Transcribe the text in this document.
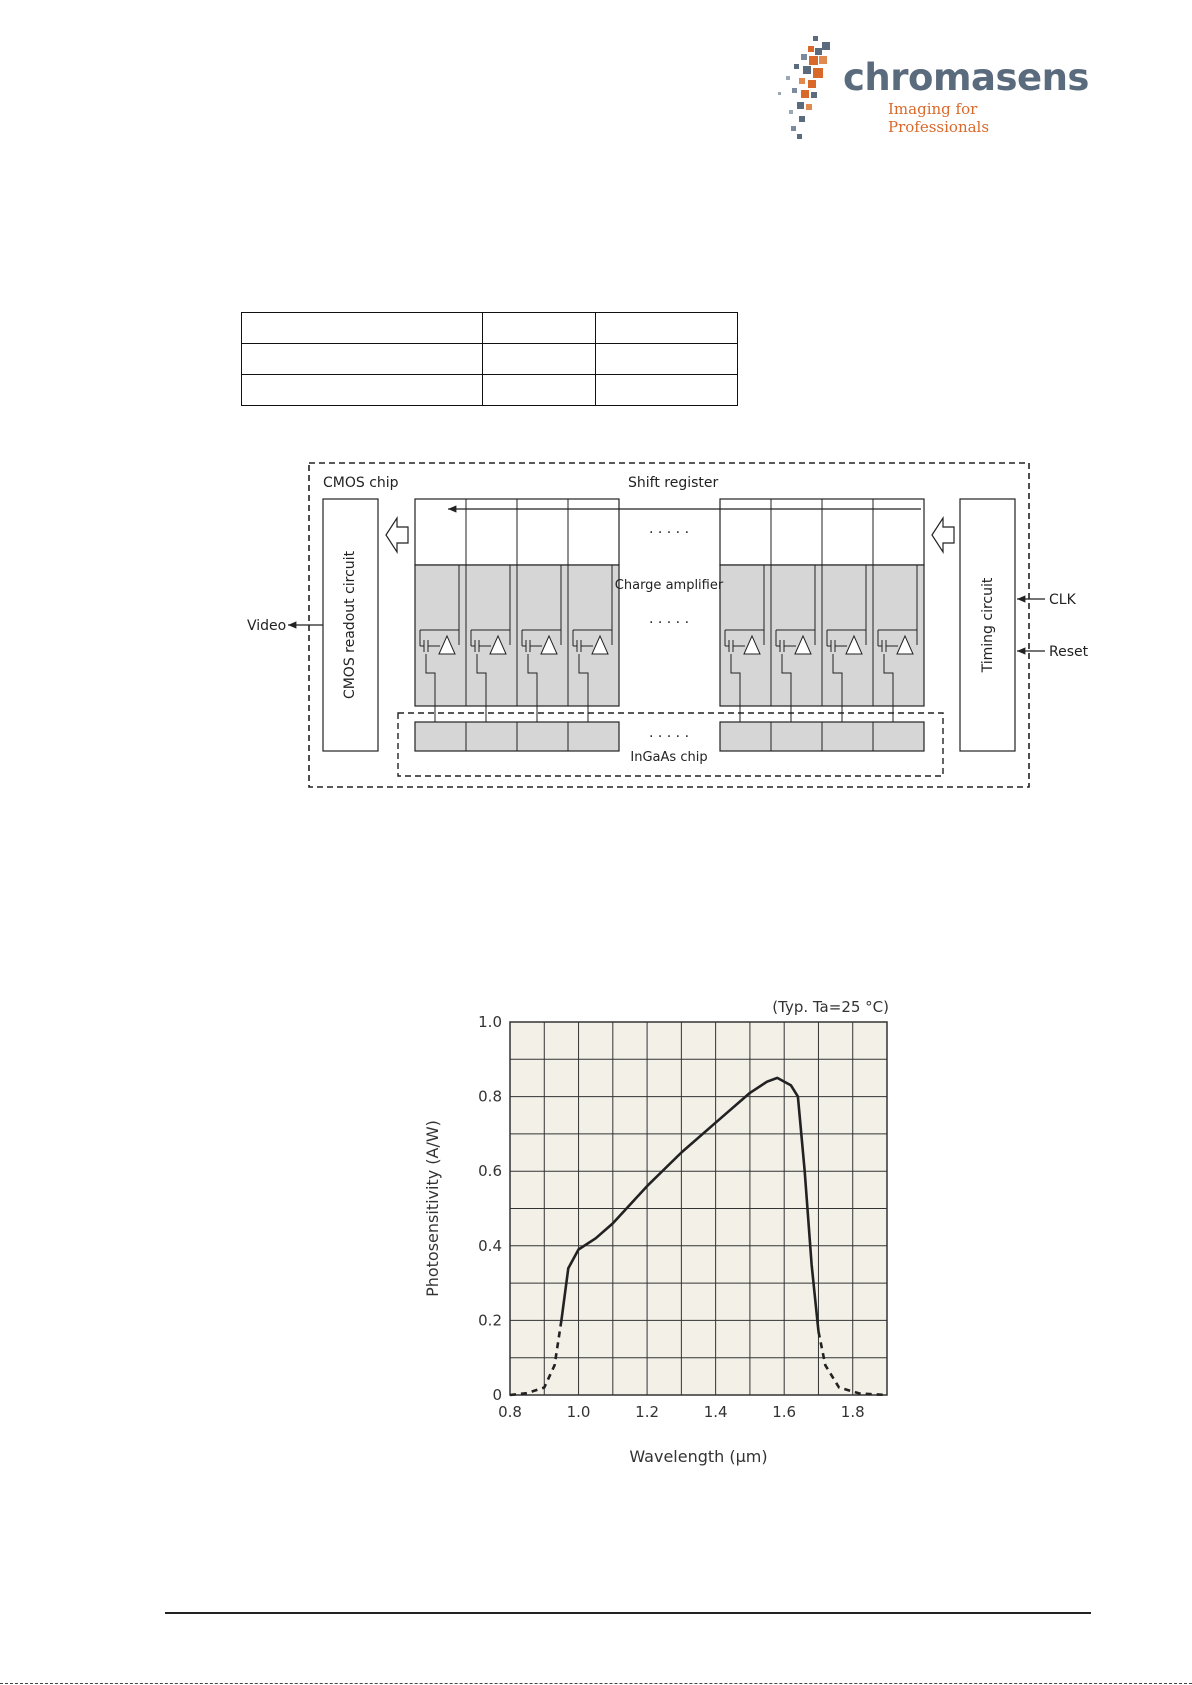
chromasens
Imaging for Professionals

CMOS chip	Shift register
CMOS readout circuit	Timing circuit
· · · · ·
Charge amplifier
· · · · ·
· · · · ·
InGaAs chip
Video
CLK
Reset
0.8	1.0	1.2	1.4	1.6	1.8
0
0.2
0.4
0.6
0.8
1.0
(Typ. Ta=25 °C)
Wavelength (μm)
Photosensitivity (A/W)
